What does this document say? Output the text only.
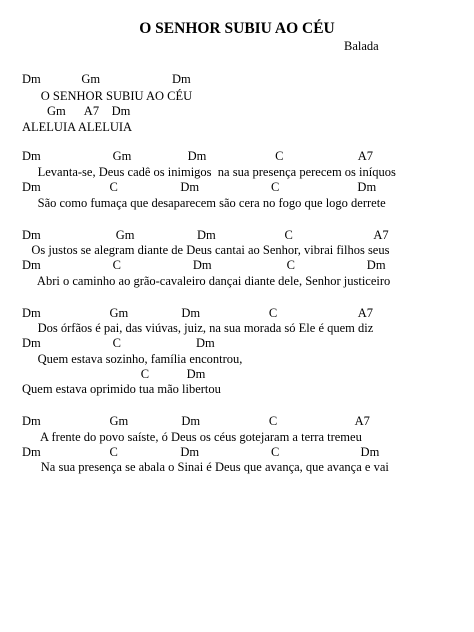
O SENHOR SUBIU AO CÉU
Balada
Dm             Gm                       Dm
O SENHOR SUBIU AO CÉU
Gm      A7    Dm
ALELUIA ALELUIA
Dm                       Gm                  Dm                      C                        A7
Levanta-se, Deus cadê os inimigos  na sua presença perecem os iníquos
Dm                      C                    Dm                       C                         Dm
São como fumaça que desaparecem são cera no fogo que logo derrete
Dm                        Gm                    Dm                      C                          A7
Os justos se alegram diante de Deus cantai ao Senhor, vibrai filhos seus
Dm                       C                       Dm                        C                       Dm
Abri o caminho ao grão-cavaleiro dançai diante dele, Senhor justiceiro
Dm                      Gm                 Dm                      C                          A7
Dos órfãos é pai, das viúvas, juiz, na sua morada só Ele é quem diz
Dm                       C                        Dm
Quem estava sozinho, família encontrou,
C            Dm
Quem estava oprimido tua mão libertou
Dm                      Gm                 Dm                      C                         A7
A frente do povo saíste, ó Deus os céus gotejaram a terra tremeu
Dm                      C                    Dm                       C                          Dm
Na sua presença se abala o Sinai é Deus que avança, que avança e vai
